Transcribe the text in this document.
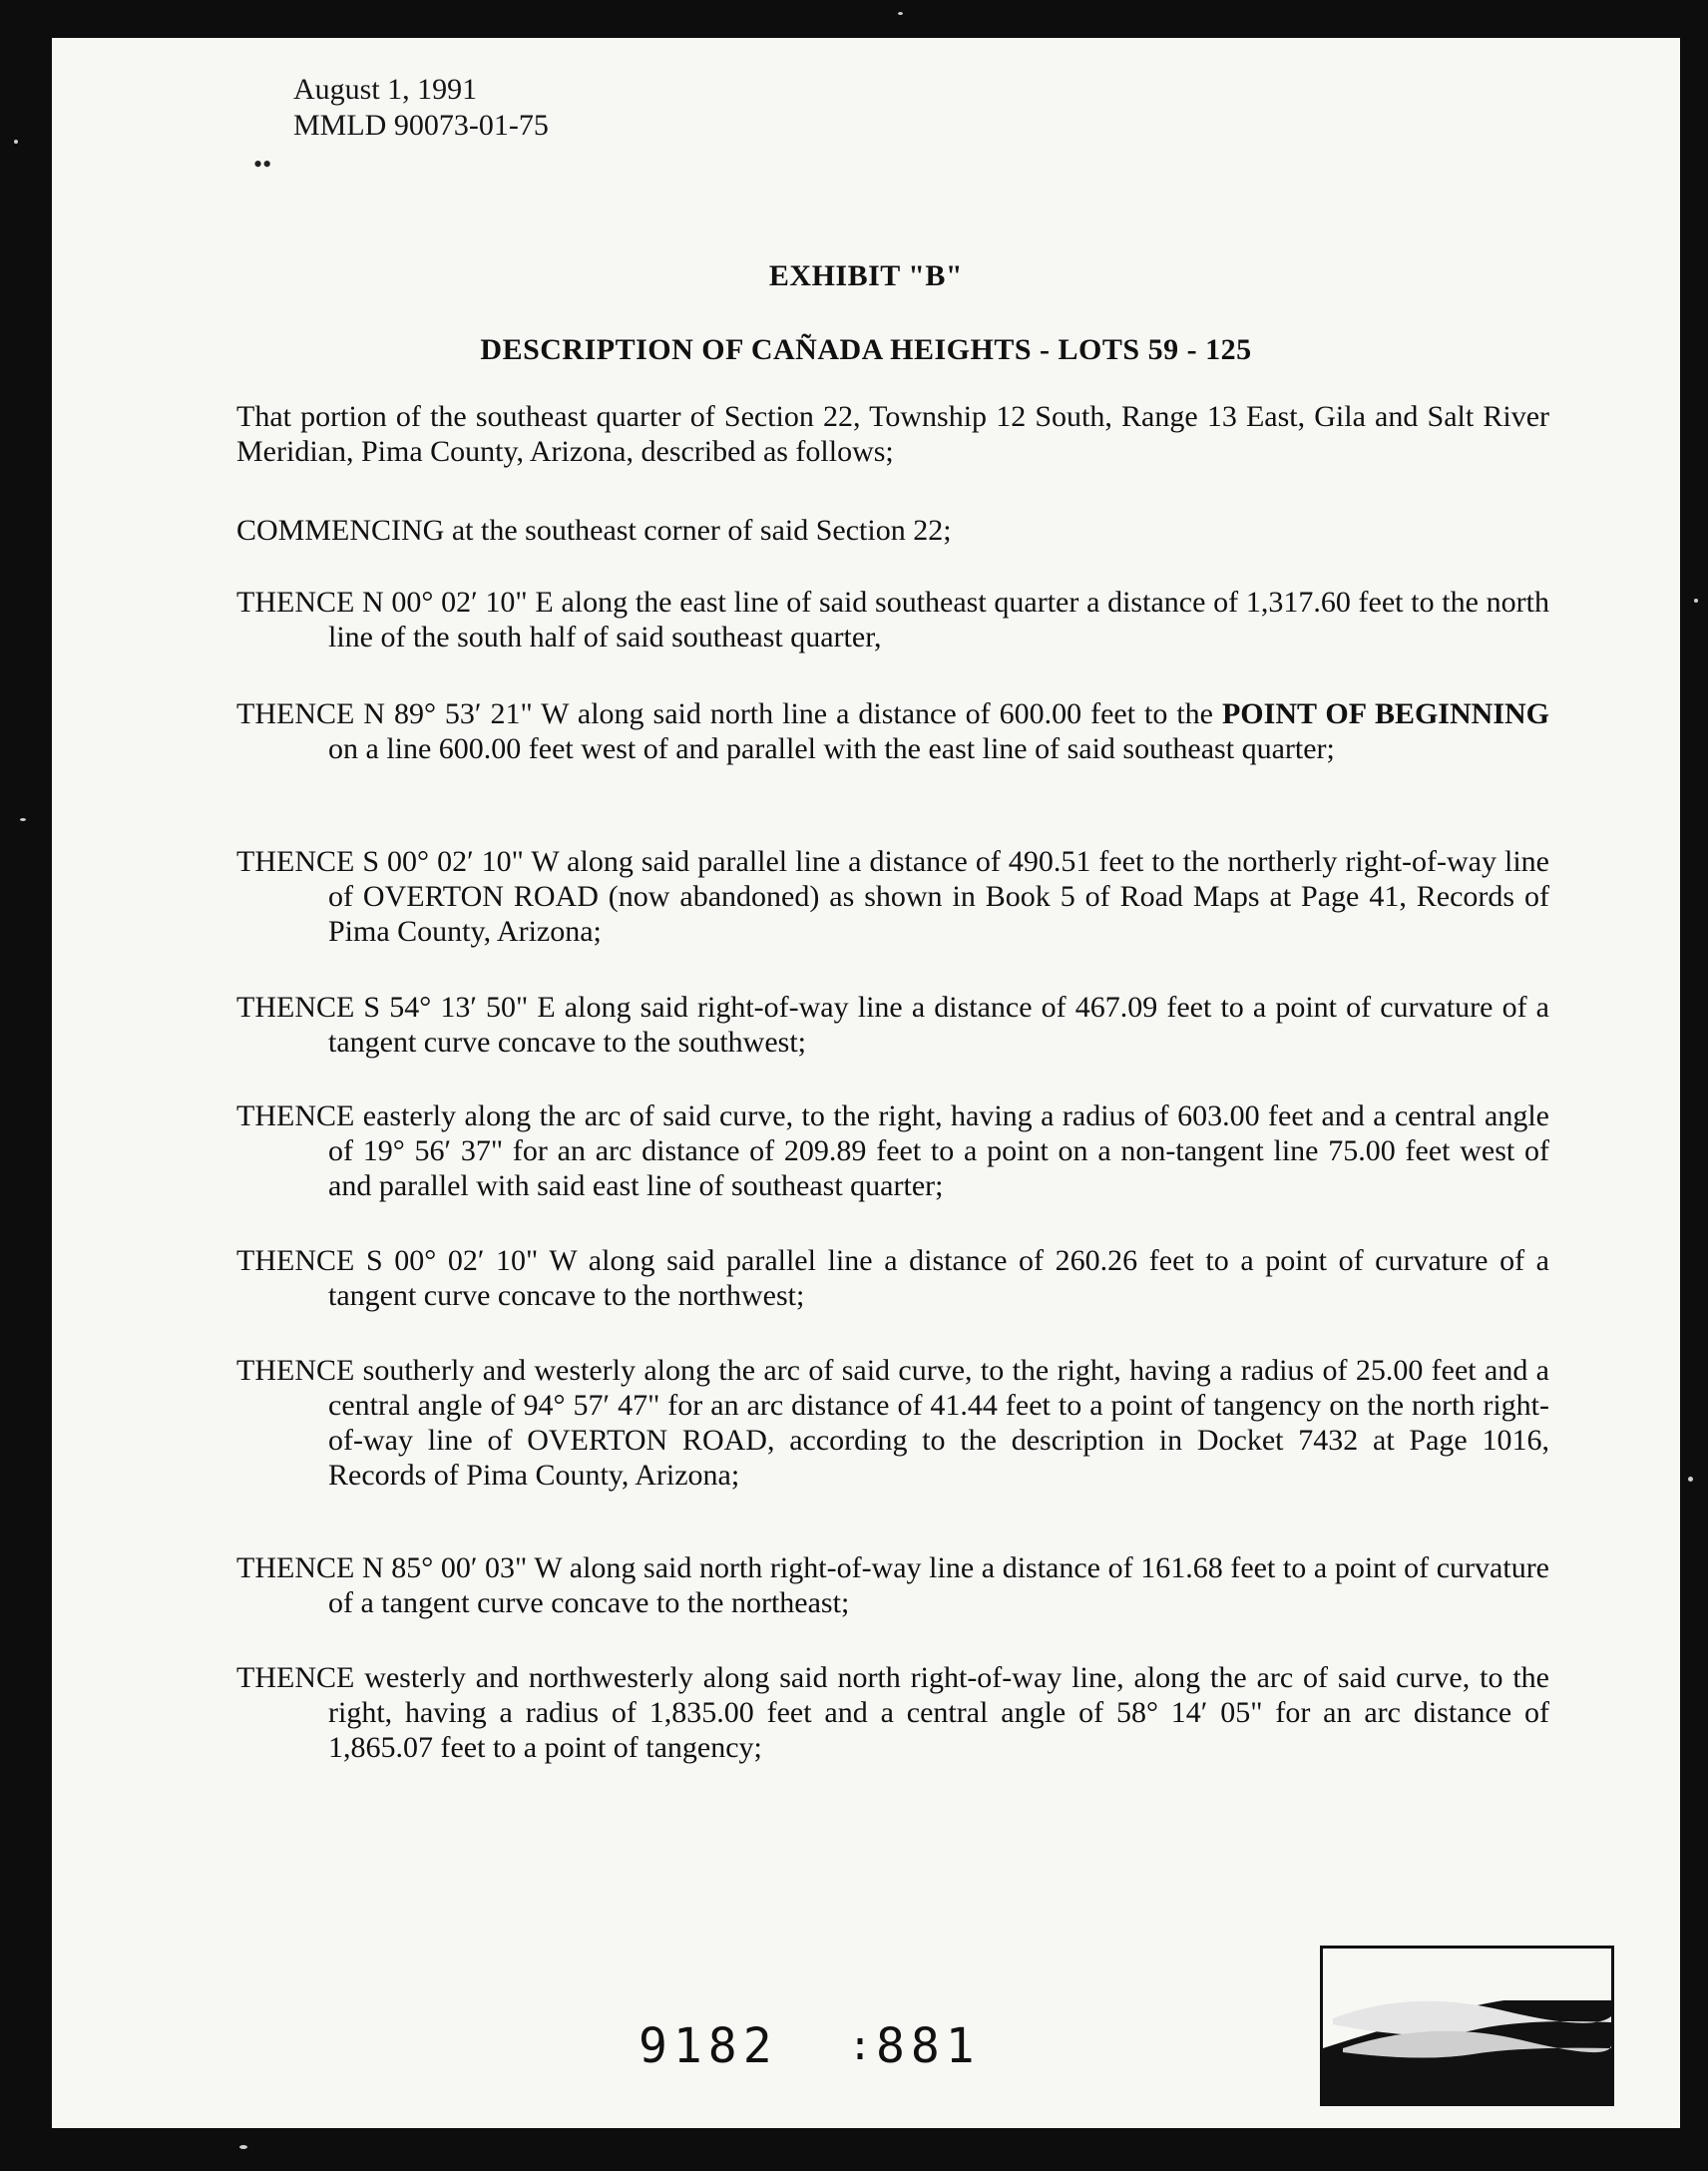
••
August 1, 1991
MMLD 90073-01-75
EXHIBIT "B"
DESCRIPTION OF CAÑADA HEIGHTS - LOTS 59 - 125
That portion of the southeast quarter of Section 22, Township 12 South, Range 13 East, Gila and Salt River Meridian, Pima County, Arizona, described as follows;
COMMENCING at the southeast corner of said Section 22;
THENCE N 00° 02′ 10" E along the east line of said southeast quarter a distance of 1,317.60 feet to the north line of the south half of said southeast quarter,
THENCE N 89° 53′ 21" W along said north line a distance of 600.00 feet to the POINT OF BEGINNING on a line 600.00 feet west of and parallel with the east line of said southeast quarter;
THENCE S 00° 02′ 10" W along said parallel line a distance of 490.51 feet to the northerly right-of-way line of OVERTON ROAD (now abandoned) as shown in Book 5 of Road Maps at Page 41, Records of Pima County, Arizona;
THENCE S 54° 13′ 50" E along said right-of-way line a distance of 467.09 feet to a point of curvature of a tangent curve concave to the southwest;
THENCE easterly along the arc of said curve, to the right, having a radius of 603.00 feet and a central angle of 19° 56′ 37" for an arc distance of 209.89 feet to a point on a non-tangent line 75.00 feet west of and parallel with said east line of southeast quarter;
THENCE S 00° 02′ 10" W along said parallel line a distance of 260.26 feet to a point of curvature of a tangent curve concave to the northwest;
THENCE southerly and westerly along the arc of said curve, to the right, having a radius of 25.00 feet and a central angle of 94° 57′ 47" for an arc distance of 41.44 feet to a point of tangency on the north right-of-way line of OVERTON ROAD, according to the description in Docket 7432 at Page 1016, Records of Pima County, Arizona;
THENCE N 85° 00′ 03" W along said north right-of-way line a distance of 161.68 feet to a point of curvature of a tangent curve concave to the northeast;
THENCE westerly and northwesterly along said north right-of-way line, along the arc of said curve, to the right, having a radius of 1,835.00 feet and a central angle of 58° 14′ 05" for an arc distance of 1,865.07 feet to a point of tangency;
9182 :
881
